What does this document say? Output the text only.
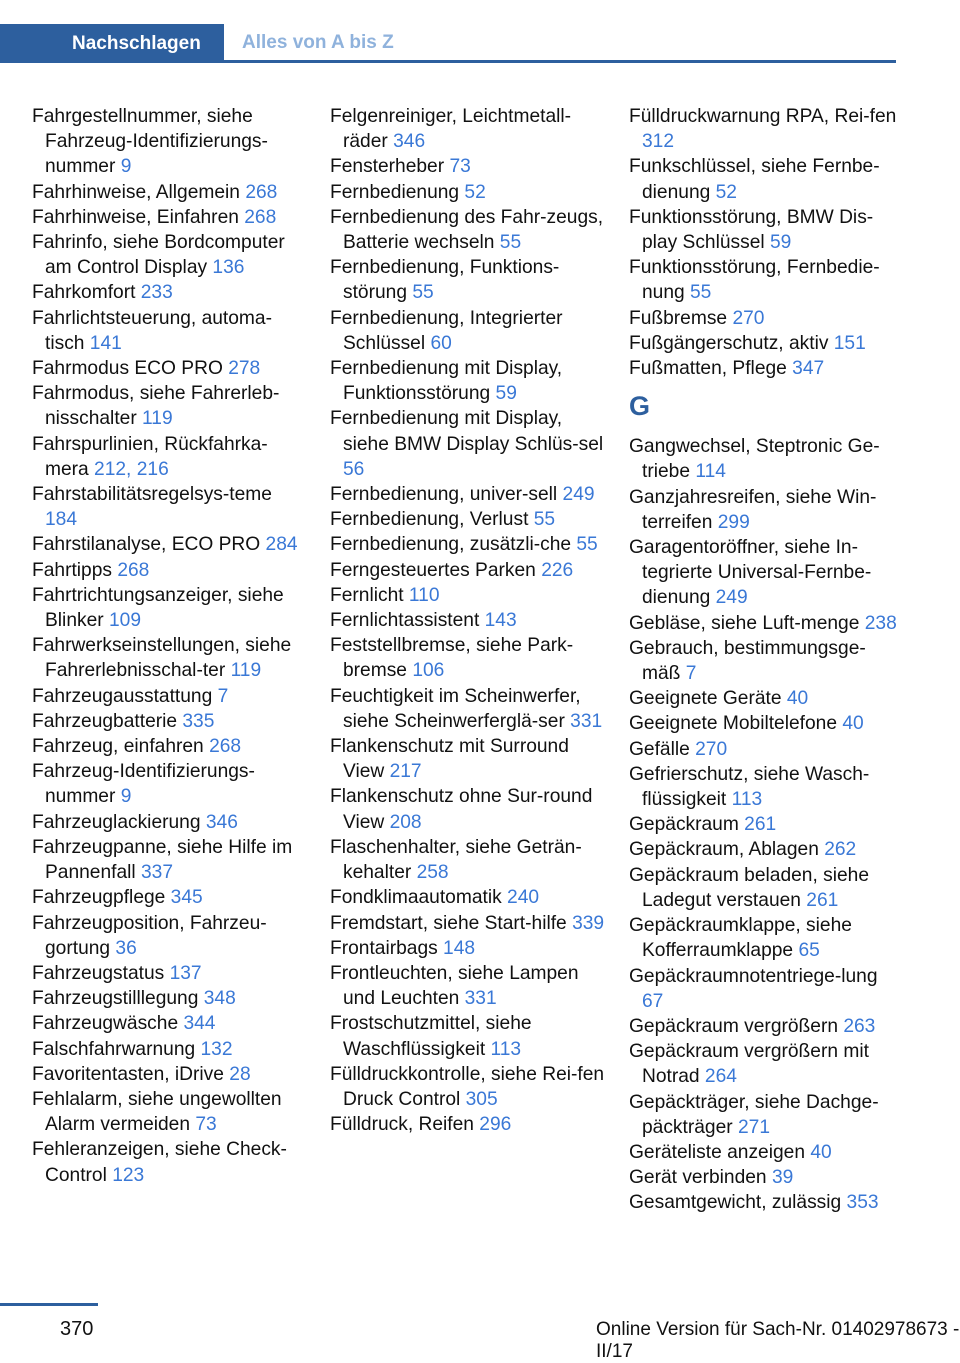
Nachschlagen	Alles von A bis Z
Fahrgestellnummer, siehe Fahrzeug-Identifizierungs-nummer 9
Fahrhinweise, Allgemein 268
Fahrhinweise, Einfahren 268
Fahrinfo, siehe Bordcomputer am Control Display 136
Fahrkomfort 233
Fahrlichtsteuerung, automa-tisch 141
Fahrmodus ECO PRO 278
Fahrmodus, siehe Fahrerleb-nisschalter 119
Fahrspurlinien, Rückfahrka-mera 212, 216
Fahrstabilitätsregelsys-teme 184
Fahrstilanalyse, ECO PRO 284
Fahrtipps 268
Fahrtrichtungsanzeiger, siehe Blinker 109
Fahrwerkseinstellungen, siehe Fahrerlebnisschal-ter 119
Fahrzeugausstattung 7
Fahrzeugbatterie 335
Fahrzeug, einfahren 268
Fahrzeug-Identifizierungs-nummer 9
Fahrzeuglackierung 346
Fahrzeugpanne, siehe Hilfe im Pannenfall 337
Fahrzeugpflege 345
Fahrzeugposition, Fahrzeu-gortung 36
Fahrzeugstatus 137
Fahrzeugstilllegung 348
Fahrzeugwäsche 344
Falschfahrwarnung 132
Favoritentasten, iDrive 28
Fehlalarm, siehe ungewollten Alarm vermeiden 73
Fehleranzeigen, siehe Check-Control 123
Felgenreiniger, Leichtmetall-räder 346
Fensterheber 73
Fernbedienung 52
Fernbedienung des Fahr-zeugs, Batterie wechseln 55
Fernbedienung, Funktions-störung 55
Fernbedienung, Integrierter Schlüssel 60
Fernbedienung mit Display, Funktionsstörung 59
Fernbedienung mit Display, siehe BMW Display Schlüs-sel 56
Fernbedienung, univer-sell 249
Fernbedienung, Verlust 55
Fernbedienung, zusätzli-che 55
Ferngesteuertes Parken 226
Fernlicht 110
Fernlichtassistent 143
Feststellbremse, siehe Park-bremse 106
Feuchtigkeit im Scheinwerfer, siehe Scheinwerferglä-ser 331
Flankenschutz mit Surround View 217
Flankenschutz ohne Sur-round View 208
Flaschenhalter, siehe Geträn-kehalter 258
Fondklimaautomatik 240
Fremdstart, siehe Start-hilfe 339
Frontairbags 148
Frontleuchten, siehe Lampen und Leuchten 331
Frostschutzmittel, siehe Waschflüssigkeit 113
Fülldruckkontrolle, siehe Rei-fen Druck Control 305
Fülldruck, Reifen 296
Fülldruckwarnung RPA, Rei-fen 312
Funkschlüssel, siehe Fernbe-dienung 52
Funktionsstörung, BMW Dis-play Schlüssel 59
Funktionsstörung, Fernbedie-nung 55
Fußbremse 270
Fußgängerschutz, aktiv 151
Fußmatten, Pflege 347
G
Gangwechsel, Steptronic Ge-triebe 114
Ganzjahresreifen, siehe Win-terreifen 299
Garagentoröffner, siehe In-tegrierte Universal-Fernbe-dienung 249
Gebläse, siehe Luft-menge 238
Gebrauch, bestimmungsge-mäß 7
Geeignete Geräte 40
Geeignete Mobiltelefone 40
Gefälle 270
Gefrierschutz, siehe Wasch-flüssigkeit 113
Gepäckraum 261
Gepäckraum, Ablagen 262
Gepäckraum beladen, siehe Ladegut verstauen 261
Gepäckraumklappe, siehe Kofferraumklappe 65
Gepäckraumnotentriege-lung 67
Gepäckraum vergrößern 263
Gepäckraum vergrößern mit Notrad 264
Gepäckträger, siehe Dachge-päckträger 271
Geräteliste anzeigen 40
Gerät verbinden 39
Gesamtgewicht, zulässig 353
370	Online Version für Sach-Nr. 01402978673 - II/17
